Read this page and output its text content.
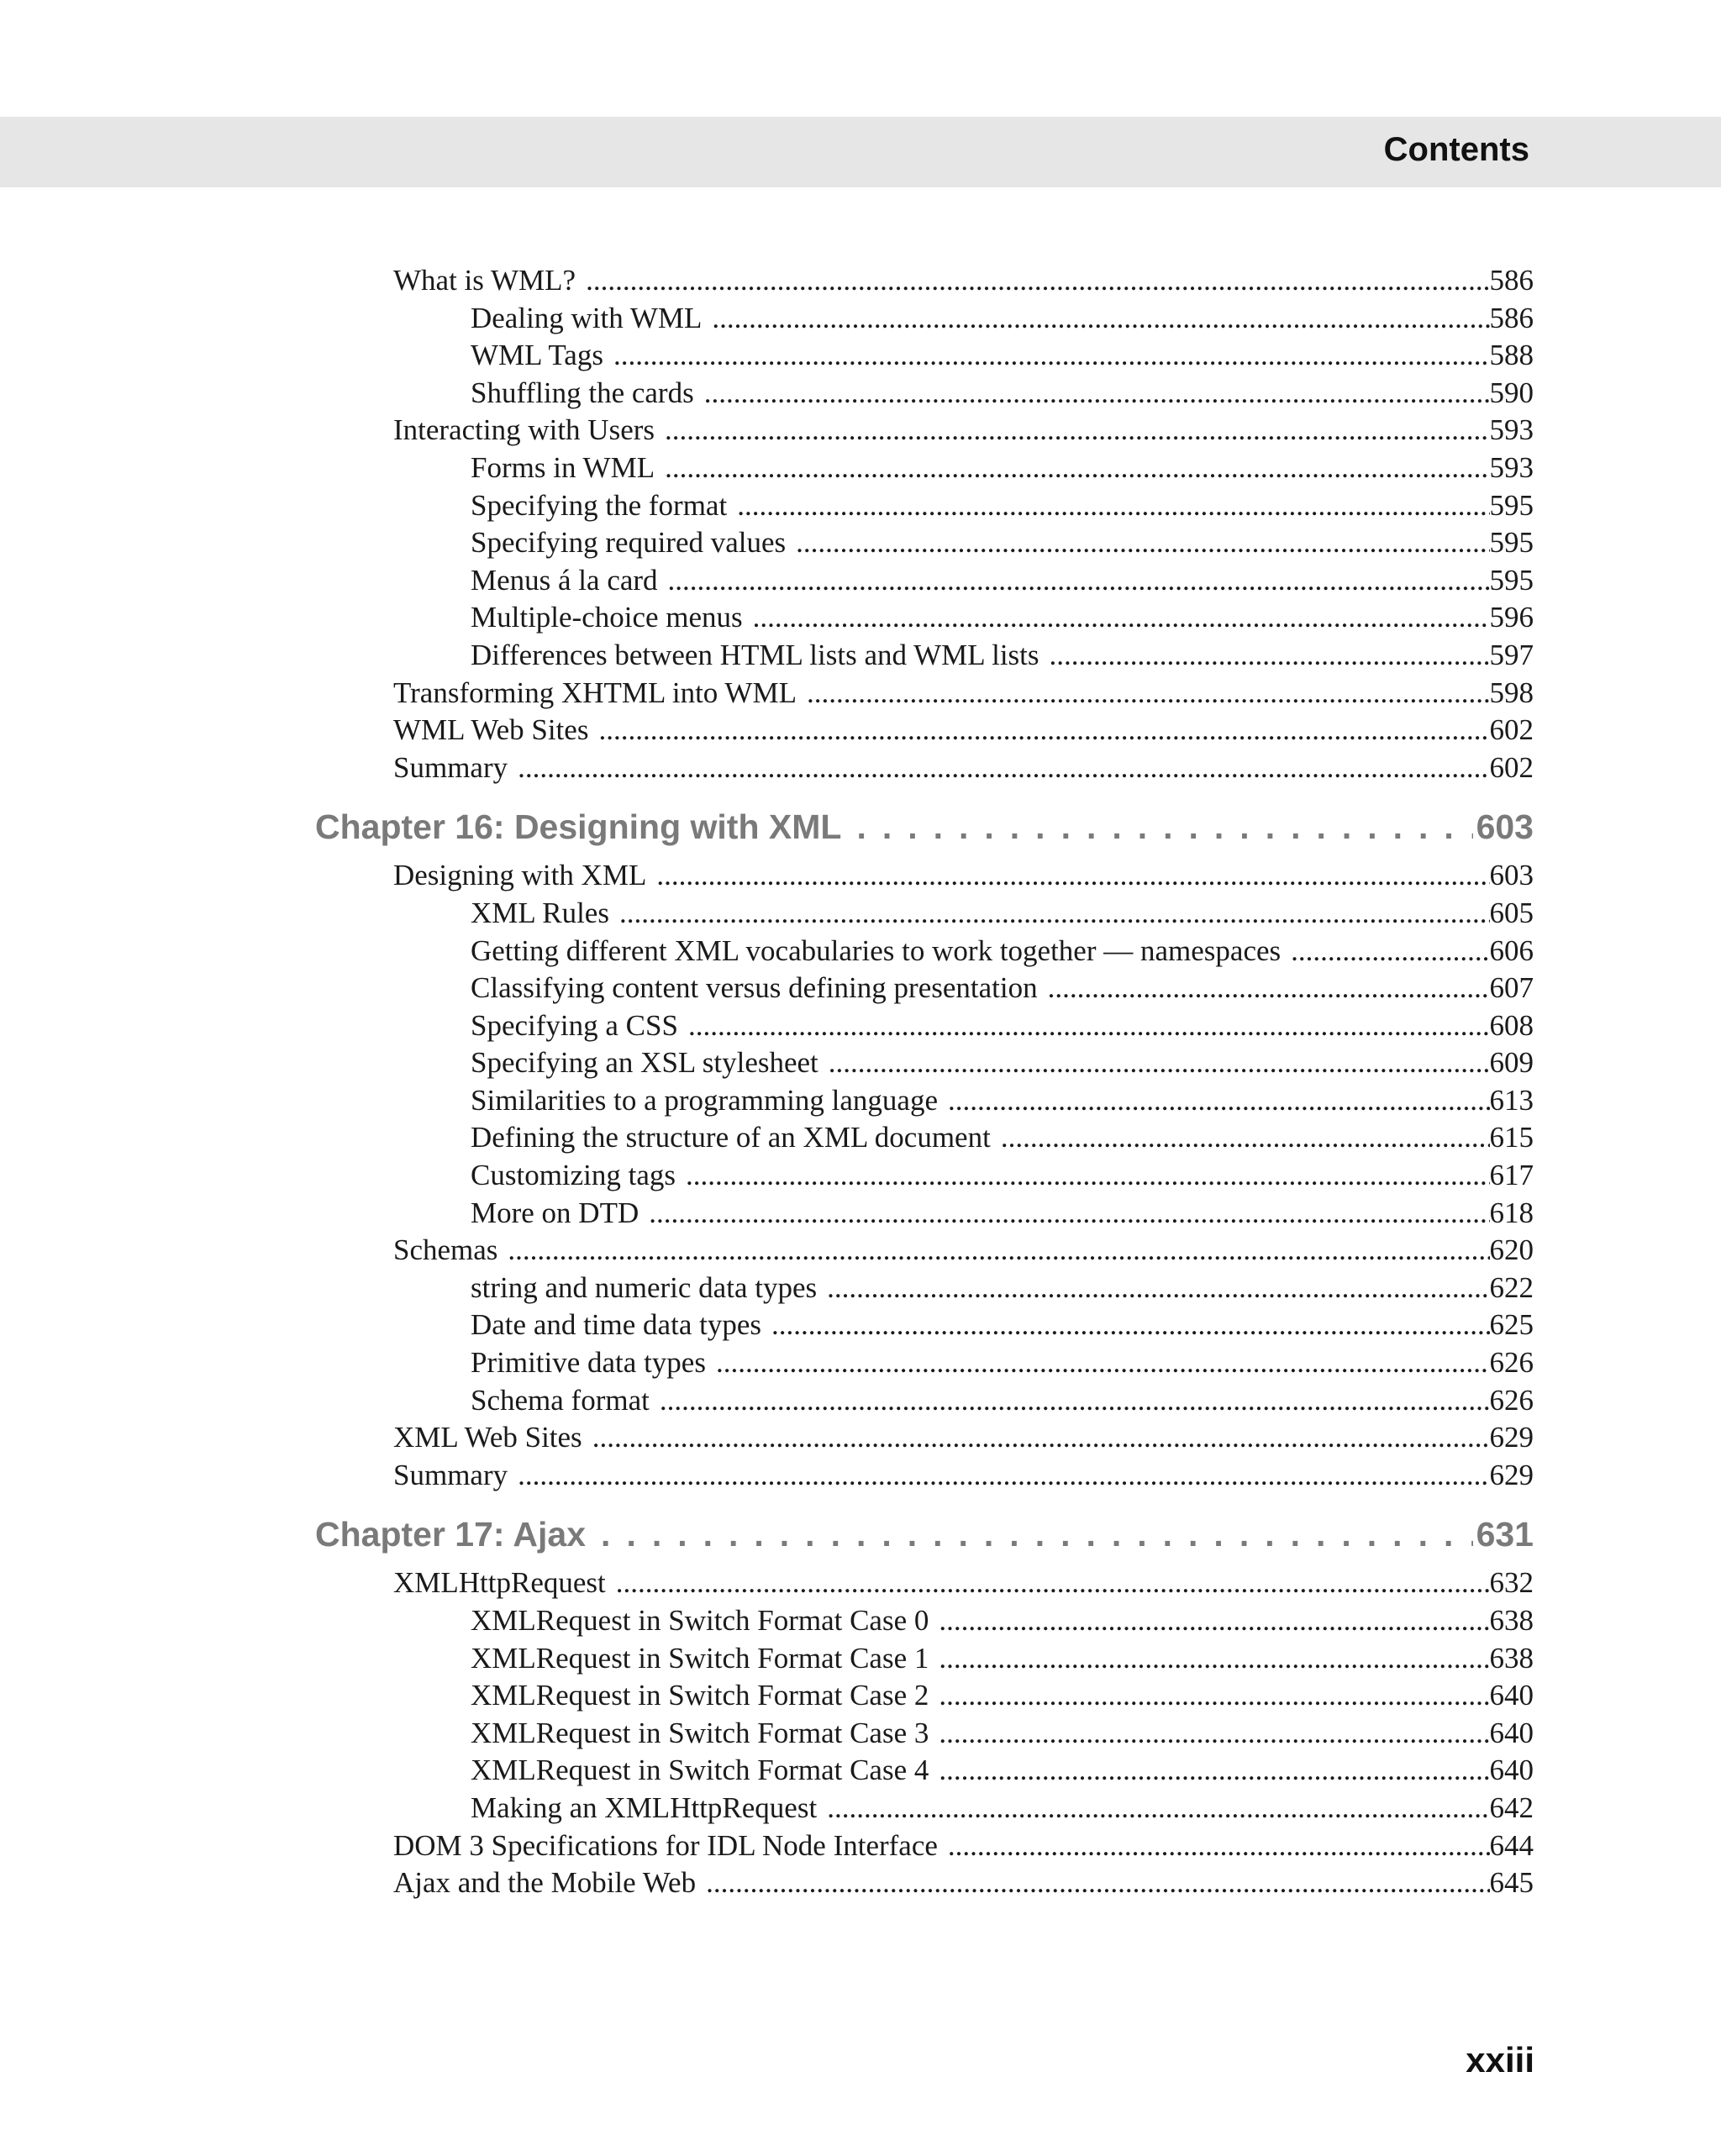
Contents
What is WML? .....	586
Dealing with WML .....	586
WML Tags .....	588
Shuffling the cards .....	590
Interacting with Users .....	593
Forms in WML .....	593
Specifying the format .....	595
Specifying required values .....	595
Menus á la card .....	595
Multiple-choice menus .....	596
Differences between HTML lists and WML lists .....	597
Transforming XHTML into WML .....	598
WML Web Sites .....	602
Summary .....	602
Chapter 16: Designing with XML .....	603
Designing with XML .....	603
XML Rules .....	605
Getting different XML vocabularies to work together — namespaces .....	606
Classifying content versus defining presentation .....	607
Specifying a CSS .....	608
Specifying an XSL stylesheet .....	609
Similarities to a programming language .....	613
Defining the structure of an XML document .....	615
Customizing tags .....	617
More on DTD .....	618
Schemas .....	620
string and numeric data types .....	622
Date and time data types .....	625
Primitive data types .....	626
Schema format .....	626
XML Web Sites .....	629
Summary .....	629
Chapter 17: Ajax .....	631
XMLHttpRequest .....	632
XMLRequest in Switch Format Case 0 .....	638
XMLRequest in Switch Format Case 1 .....	638
XMLRequest in Switch Format Case 2 .....	640
XMLRequest in Switch Format Case 3 .....	640
XMLRequest in Switch Format Case 4 .....	640
Making an XMLHttpRequest .....	642
DOM 3 Specifications for IDL Node Interface .....	644
Ajax and the Mobile Web .....	645
xxiii
